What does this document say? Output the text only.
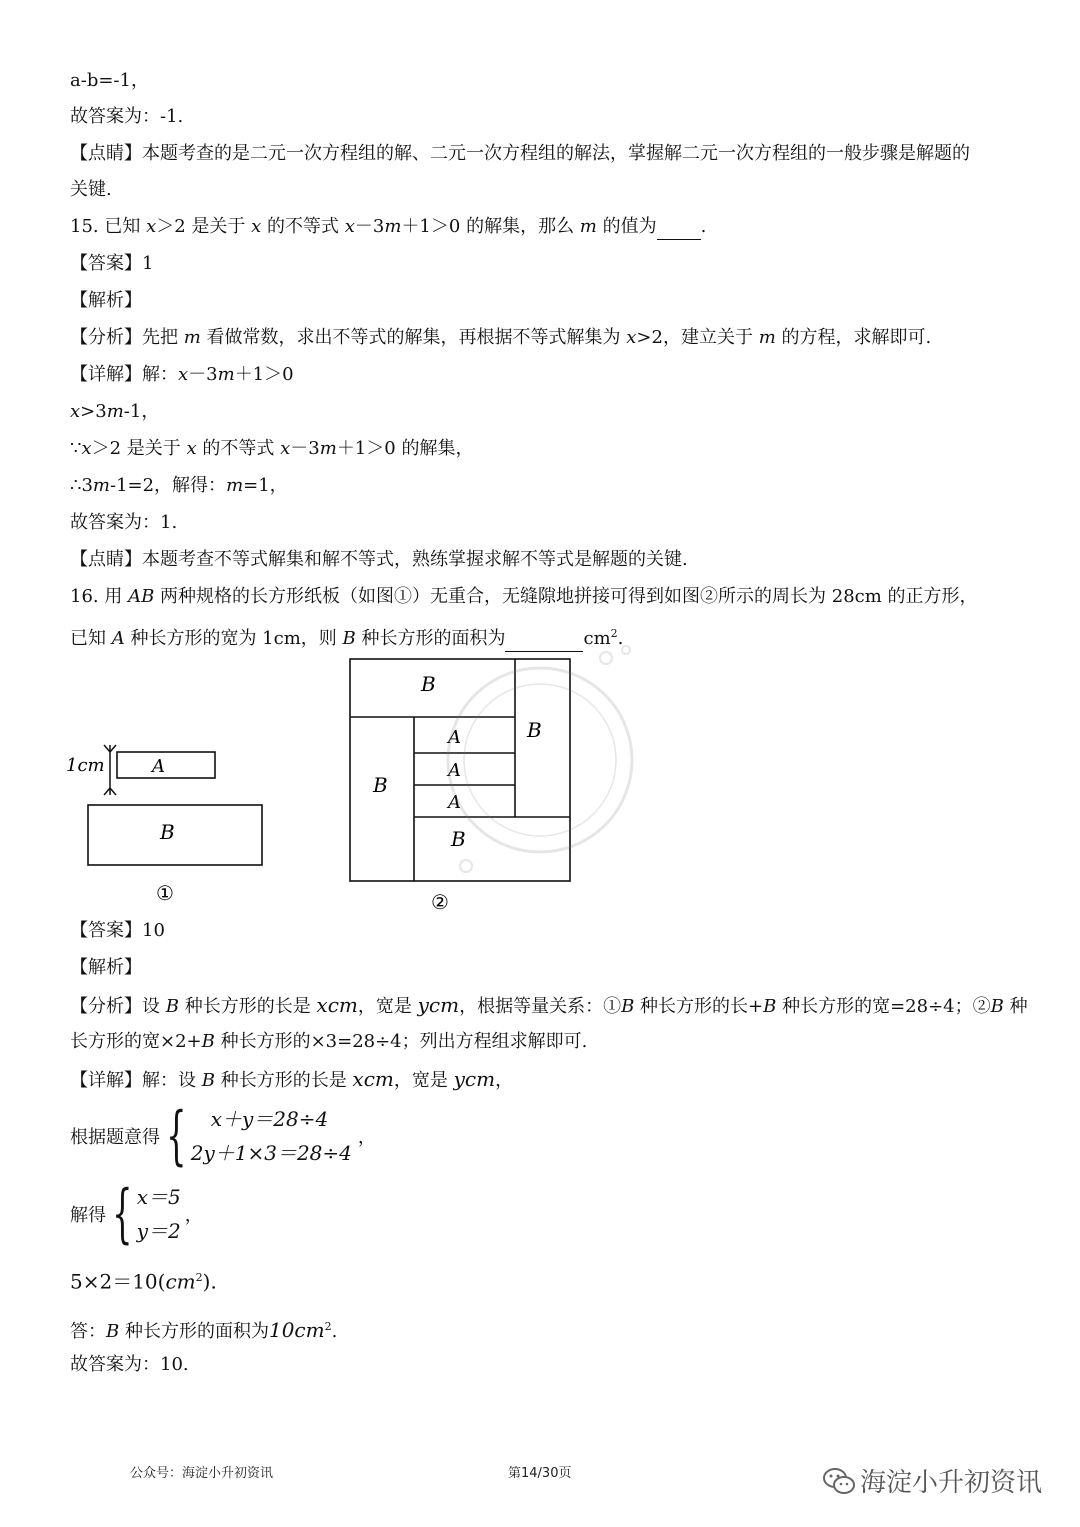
a-b=-1，

故答案为：-1.

【点睛】本题考查的是二元一次方程组的解、二元一次方程组的解法，掌握解二元一次方程组的一般步骤是解题的

关键.

15. 已知 x＞2 是关于 x 的不等式 x－3m＋1＞0 的解集，那么 m 的值为 .

【答案】1

【解析】

【分析】先把 m 看做常数，求出不等式的解集，再根据不等式解集为 x>2，建立关于 m 的方程，求解即可.

【详解】解：x－3m＋1＞0

x>3m-1，

∵x＞2 是关于 x 的不等式 x－3m＋1＞0 的解集，

∴3m-1=2，解得：m=1，

故答案为：1.

【点睛】本题考查不等式解集和解不等式，熟练掌握求解不等式是解题的关键.

16. 用 AB 两种规格的长方形纸板（如图①）无重合，无缝隙地拼接可得到如图②所示的周长为 28cm 的正方形，

已知 A 种长方形的宽为 1cm，则 B 种长方形的面积为	$cm^2$.

1cm	A
B
①
B
B
B
B
A
A
A
②

【答案】10

【解析】

【分析】设 B 种长方形的长是 xcm，宽是 ycm，根据等量关系：①B 种长方形的长+B 种长方形的宽=28÷4；②B 种

长方形的宽×2+B 种长方形的×3=28÷4；列出方程组求解即可.

【详解】解：设 B 种长方形的长是 xcm，宽是 ycm，

根据题意得 {	x＋y＝28÷4
2y＋1×3＝28÷4
，
解得 { x＝5
y＝2
，

$5\times 2=10(cm^2)$.

答：B 种长方形的面积为$10cm^2$.

故答案为：10.

公众号：海淀小升初资讯	第14/30页	海淀小升初资讯
